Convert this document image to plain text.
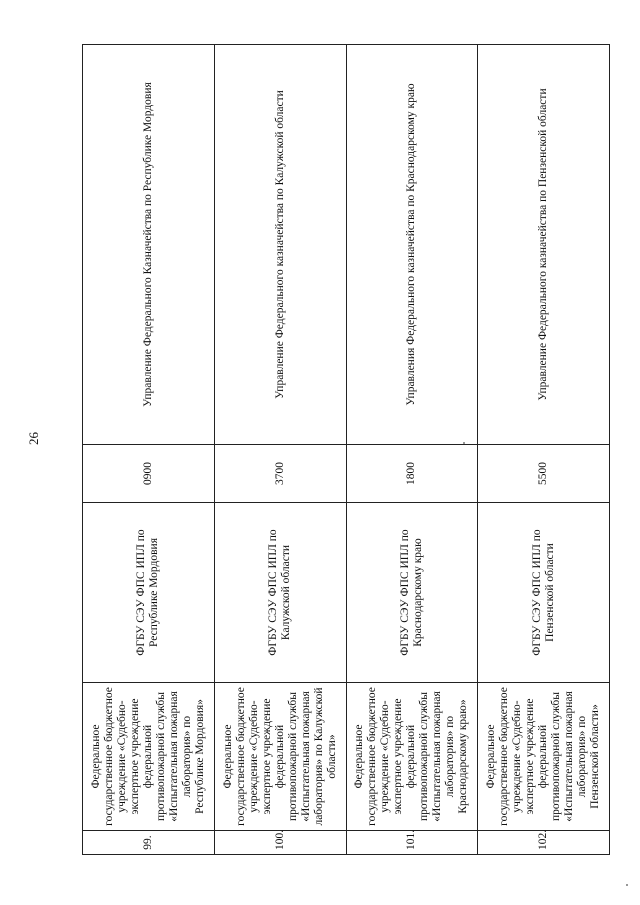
26
99.	Федеральное государственное бюджетное учреждение «Судебно-экспертное учреждение федеральной противопожарной службы «Испытательная пожарная лаборатория» по Республике Мордовия»	ФГБУ СЭУ ФПС ИПЛ по Республике Мордовия	0900	Управление Федерального Казначейства по Республике Мордовия
100.	Федеральное государственное бюджетное учреждение «Судебно-экспертное учреждение федеральной противопожарной службы «Испытательная пожарная лаборатория» по Калужской области»	ФГБУ СЭУ ФПС ИПЛ по Калужской области	3700	Управление Федерального казначейства по Калужской области
101.	Федеральное государственное бюджетное учреждение «Судебно-экспертное учреждение федеральной противопожарной службы «Испытательная пожарная лаборатория» по Краснодарскому краю»	ФГБУ СЭУ ФПС ИПЛ по Краснодарскому краю	1800	Управления Федерального казначейства по Краснодарскому краю
102.	Федеральное государственное бюджетное учреждение «Судебно-экспертное учреждение федеральной противопожарной службы «Испытательная пожарная лаборатория» по Пензенской области»	ФГБУ СЭУ ФПС ИПЛ по Пензенской области	5500	Управление Федерального казначейства по Пензенской области
